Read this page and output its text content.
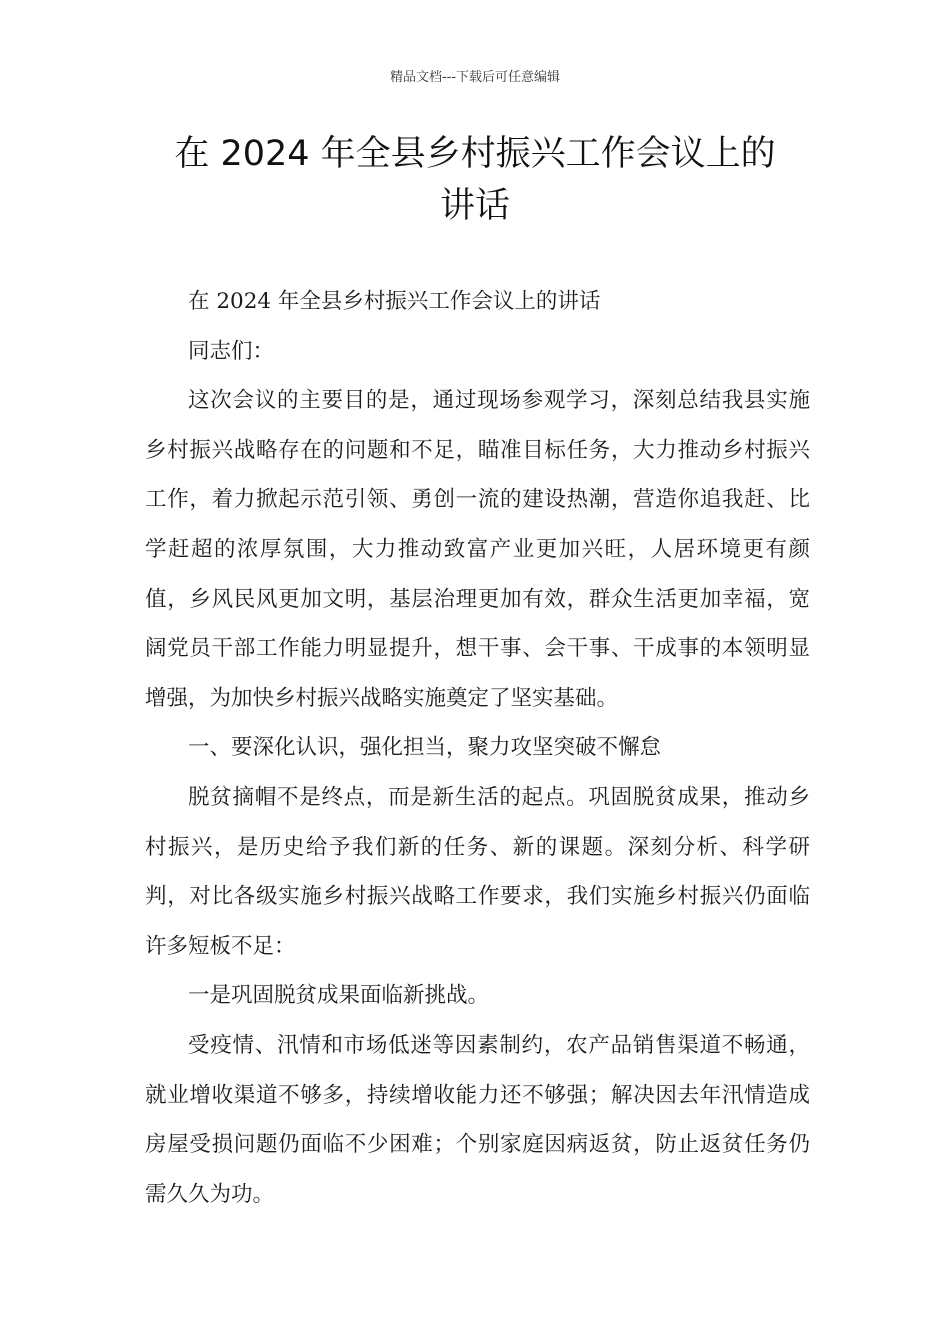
精品文档---下载后可任意编辑
在 2024 年全县乡村振兴工作会议上的
讲话

在 2024 年全县乡村振兴工作会议上的讲话

同志们：

这次会议的主要目的是，通过现场参观学习，深刻总结我县实施乡村振兴战略存在的问题和不足，瞄准目标任务，大力推动乡村振兴工作，着力掀起示范引领、勇创一流的建设热潮，营造你追我赶、比学赶超的浓厚氛围，大力推动致富产业更加兴旺，人居环境更有颜值，乡风民风更加文明，基层治理更加有效，群众生活更加幸福，宽阔党员干部工作能力明显提升，想干事、会干事、干成事的本领明显增强，为加快乡村振兴战略实施奠定了坚实基础。

一、要深化认识，强化担当，聚力攻坚突破不懈怠

脱贫摘帽不是终点，而是新生活的起点。巩固脱贫成果，推动乡村振兴，是历史给予我们新的任务、新的课题。深刻分析、科学研判，对比各级实施乡村振兴战略工作要求，我们实施乡村振兴仍面临许多短板不足：

一是巩固脱贫成果面临新挑战。

受疫情、汛情和市场低迷等因素制约，农产品销售渠道不畅通，就业增收渠道不够多，持续增收能力还不够强；解决因去年汛情造成房屋受损问题仍面临不少困难；个别家庭因病返贫，防止返贫任务仍需久久为功。
